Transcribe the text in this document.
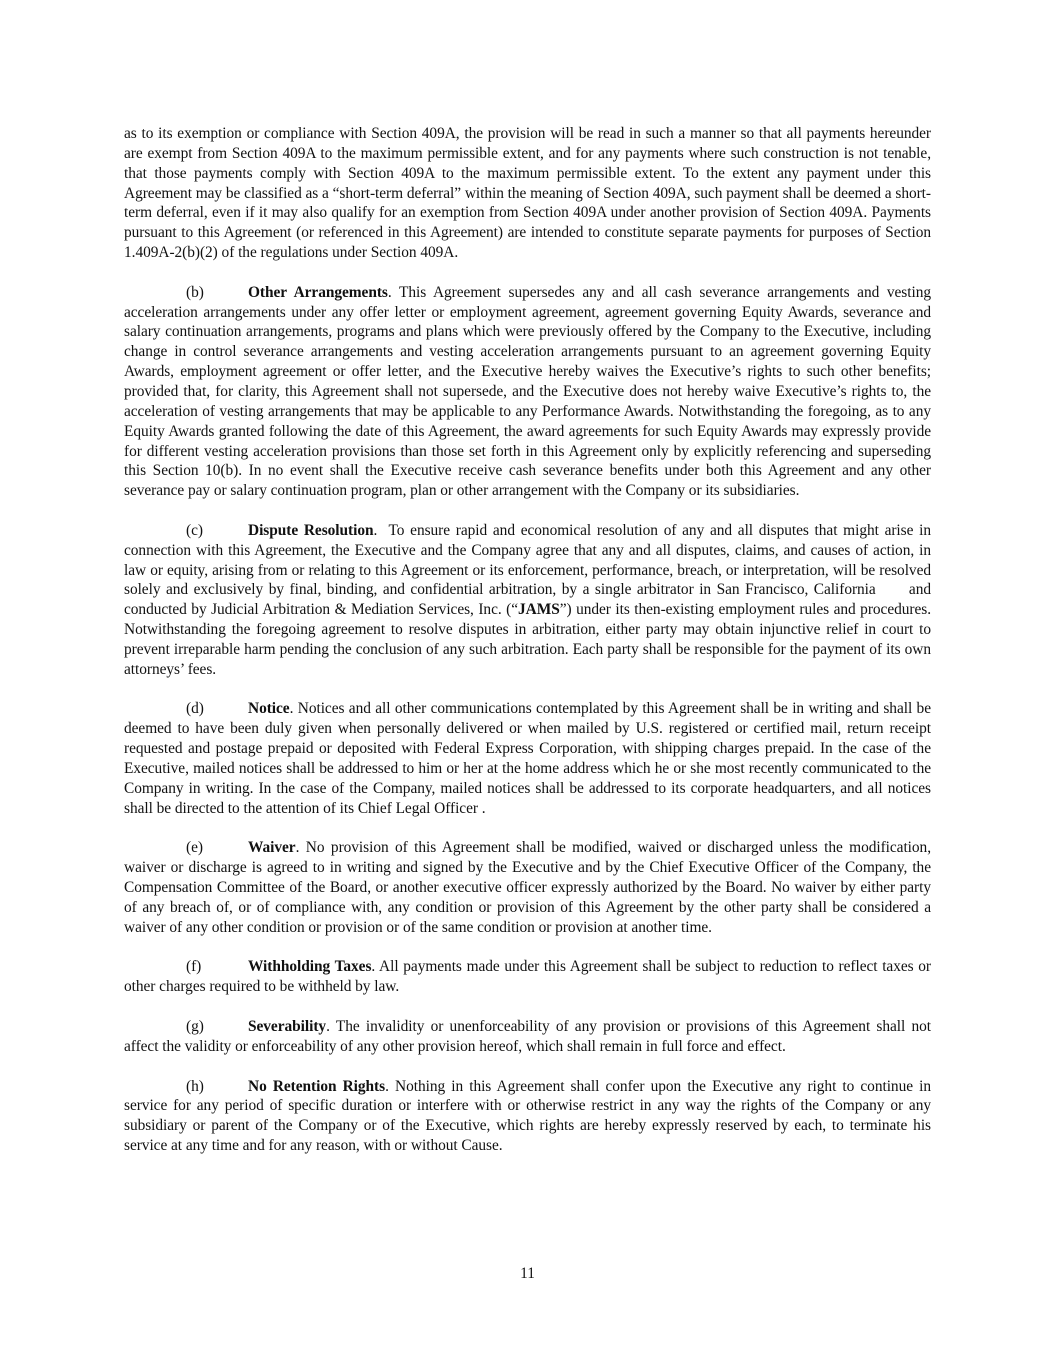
as to its exemption or compliance with Section 409A, the provision will be read in such a manner so that all payments hereunder are exempt from Section 409A to the maximum permissible extent, and for any payments where such construction is not tenable, that those payments comply with Section 409A to the maximum permissible extent. To the extent any payment under this Agreement may be classified as a “short-term deferral” within the meaning of Section 409A, such payment shall be deemed a short-term deferral, even if it may also qualify for an exemption from Section 409A under another provision of Section 409A. Payments pursuant to this Agreement (or referenced in this Agreement) are intended to constitute separate payments for purposes of Section 1.409A-2(b)(2) of the regulations under Section 409A.

(b)	Other Arrangements. This Agreement supersedes any and all cash severance arrangements and vesting acceleration arrangements under any offer letter or employment agreement, agreement governing Equity Awards, severance and salary continuation arrangements, programs and plans which were previously offered by the Company to the Executive, including change in control severance arrangements and vesting acceleration arrangements pursuant to an agreement governing Equity Awards, employment agreement or offer letter, and the Executive hereby waives the Executive’s rights to such other benefits; provided that, for clarity, this Agreement shall not supersede, and the Executive does not hereby waive Executive’s rights to, the acceleration of vesting arrangements that may be applicable to any Performance Awards. Notwithstanding the foregoing, as to any Equity Awards granted following the date of this Agreement, the award agreements for such Equity Awards may expressly provide for different vesting acceleration provisions than those set forth in this Agreement only by explicitly referencing and superseding this Section 10(b). In no event shall the Executive receive cash severance benefits under both this Agreement and any other severance pay or salary continuation program, plan or other arrangement with the Company or its subsidiaries.

(c)	Dispute Resolution.  To ensure rapid and economical resolution of any and all disputes that might arise in connection with this Agreement, the Executive and the Company agree that any and all disputes, claims, and causes of action, in law or equity, arising from or relating to this Agreement or its enforcement, performance, breach, or interpretation, will be resolved solely and exclusively by final, binding, and confidential arbitration, by a single arbitrator in San Francisco, California      and conducted by Judicial Arbitration & Mediation Services, Inc. (“JAMS”) under its then-existing employment rules and procedures. Notwithstanding the foregoing agreement to resolve disputes in arbitration, either party may obtain injunctive relief in court to prevent irreparable harm pending the conclusion of any such arbitration. Each party shall be responsible for the payment of its own attorneys’ fees.

(d)	Notice. Notices and all other communications contemplated by this Agreement shall be in writing and shall be deemed to have been duly given when personally delivered or when mailed by U.S. registered or certified mail, return receipt requested and postage prepaid or deposited with Federal Express Corporation, with shipping charges prepaid. In the case of the Executive, mailed notices shall be addressed to him or her at the home address which he or she most recently communicated to the Company in writing. In the case of the Company, mailed notices shall be addressed to its corporate headquarters, and all notices shall be directed to the attention of its Chief Legal Officer .

(e)	Waiver. No provision of this Agreement shall be modified, waived or discharged unless the modification, waiver or discharge is agreed to in writing and signed by the Executive and by the Chief Executive Officer of the Company, the Compensation Committee of the Board, or another executive officer expressly authorized by the Board. No waiver by either party of any breach of, or of compliance with, any condition or provision of this Agreement by the other party shall be considered a waiver of any other condition or provision or of the same condition or provision at another time.

(f)	Withholding Taxes. All payments made under this Agreement shall be subject to reduction to reflect taxes or other charges required to be withheld by law.

(g)	Severability. The invalidity or unenforceability of any provision or provisions of this Agreement shall not affect the validity or enforceability of any other provision hereof, which shall remain in full force and effect.

(h)	No Retention Rights. Nothing in this Agreement shall confer upon the Executive any right to continue in service for any period of specific duration or interfere with or otherwise restrict in any way the rights of the Company or any subsidiary or parent of the Company or of the Executive, which rights are hereby expressly reserved by each, to terminate his service at any time and for any reason, with or without Cause.

11
